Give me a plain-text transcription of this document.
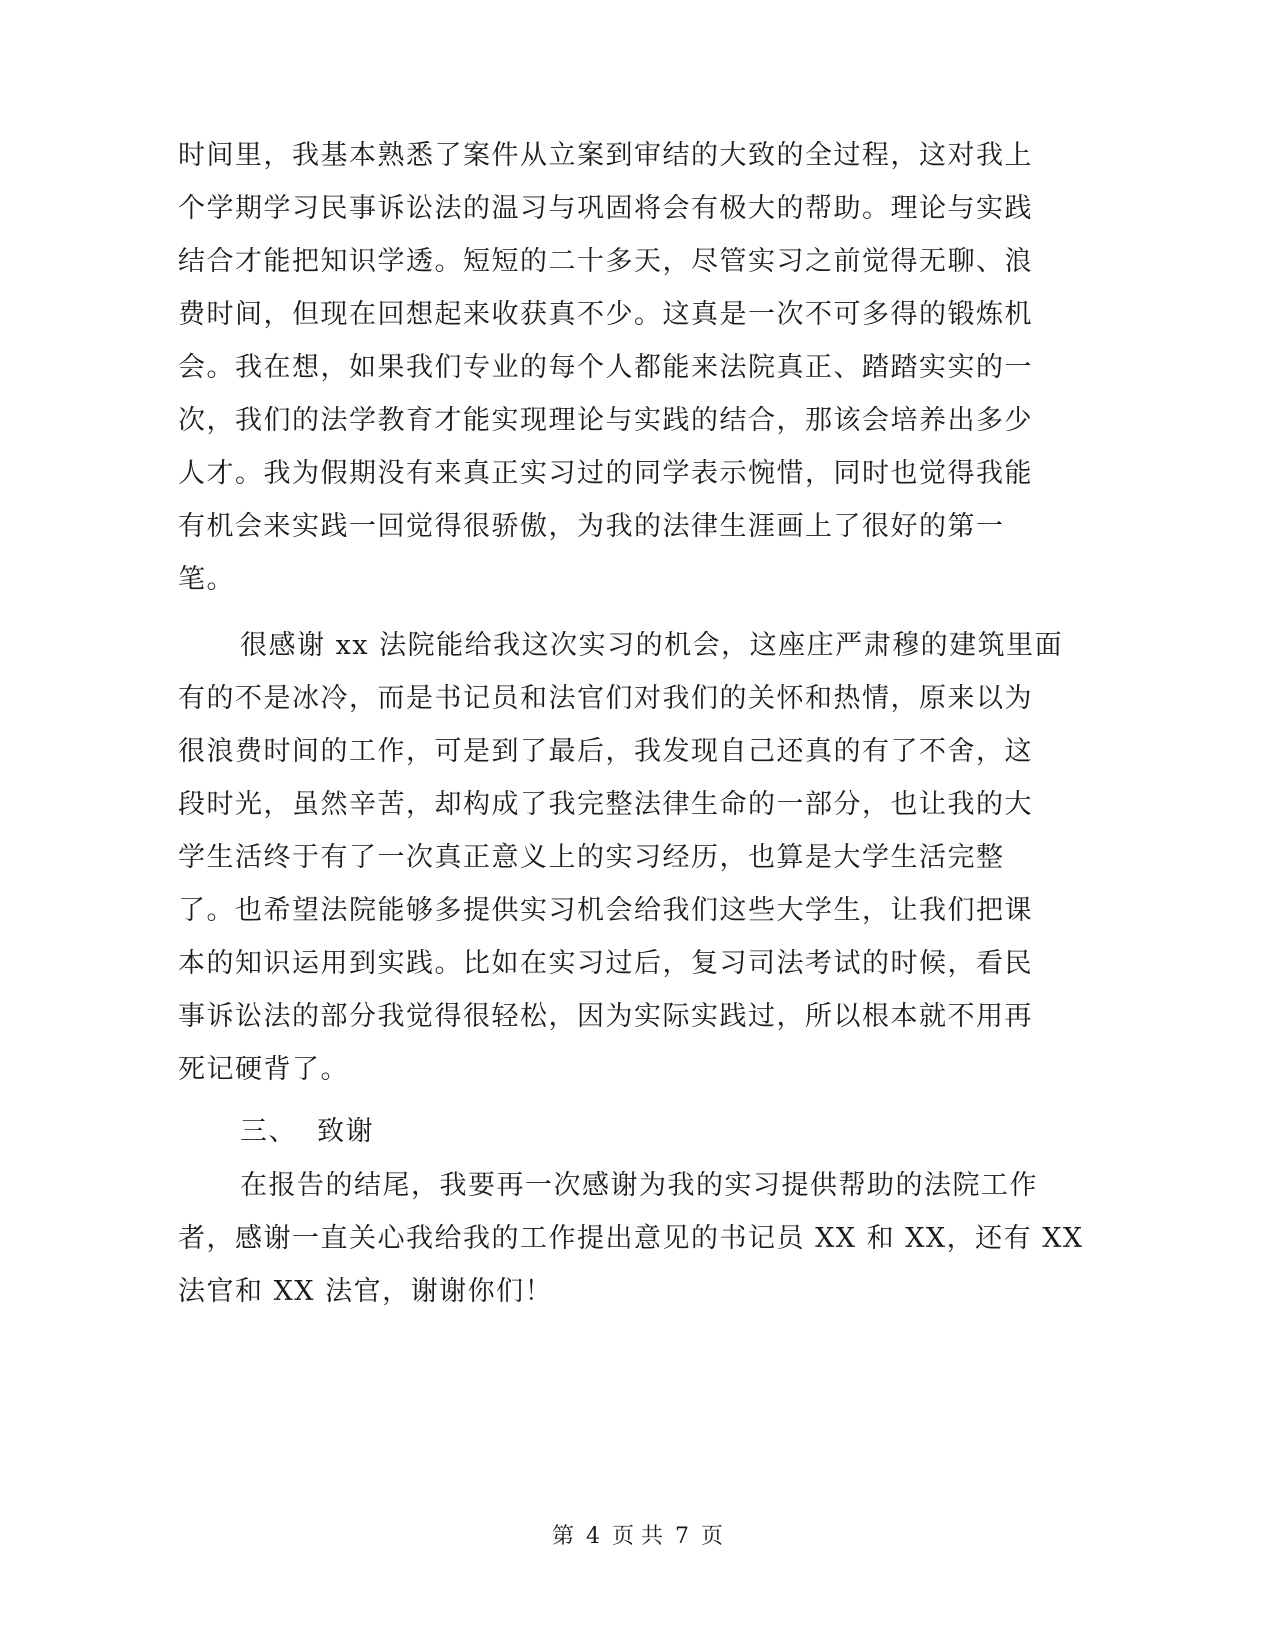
时间里，我基本熟悉了案件从立案到审结的大致的全过程，这对我上
个学期学习民事诉讼法的温习与巩固将会有极大的帮助。理论与实践
结合才能把知识学透。短短的二十多天，尽管实习之前觉得无聊、浪
费时间，但现在回想起来收获真不少。这真是一次不可多得的锻炼机
会。我在想，如果我们专业的每个人都能来法院真正、踏踏实实的一
次，我们的法学教育才能实现理论与实践的结合，那该会培养出多少
人才。我为假期没有来真正实习过的同学表示惋惜，同时也觉得我能
有机会来实践一回觉得很骄傲，为我的法律生涯画上了很好的第一
笔。
很感谢 xx 法院能给我这次实习的机会，这座庄严肃穆的建筑里面
有的不是冰冷，而是书记员和法官们对我们的关怀和热情，原来以为
很浪费时间的工作，可是到了最后，我发现自己还真的有了不舍，这
段时光，虽然辛苦，却构成了我完整法律生命的一部分，也让我的大
学生活终于有了一次真正意义上的实习经历，也算是大学生活完整
了。也希望法院能够多提供实习机会给我们这些大学生，让我们把课
本的知识运用到实践。比如在实习过后，复习司法考试的时候，看民
事诉讼法的部分我觉得很轻松，因为实际实践过，所以根本就不用再
死记硬背了。
三、  致谢
在报告的结尾，我要再一次感谢为我的实习提供帮助的法院工作
者，感谢一直关心我给我的工作提出意见的书记员 XX 和 XX，还有 XX
法官和 XX 法官，谢谢你们！
第 4 页 共 7 页
